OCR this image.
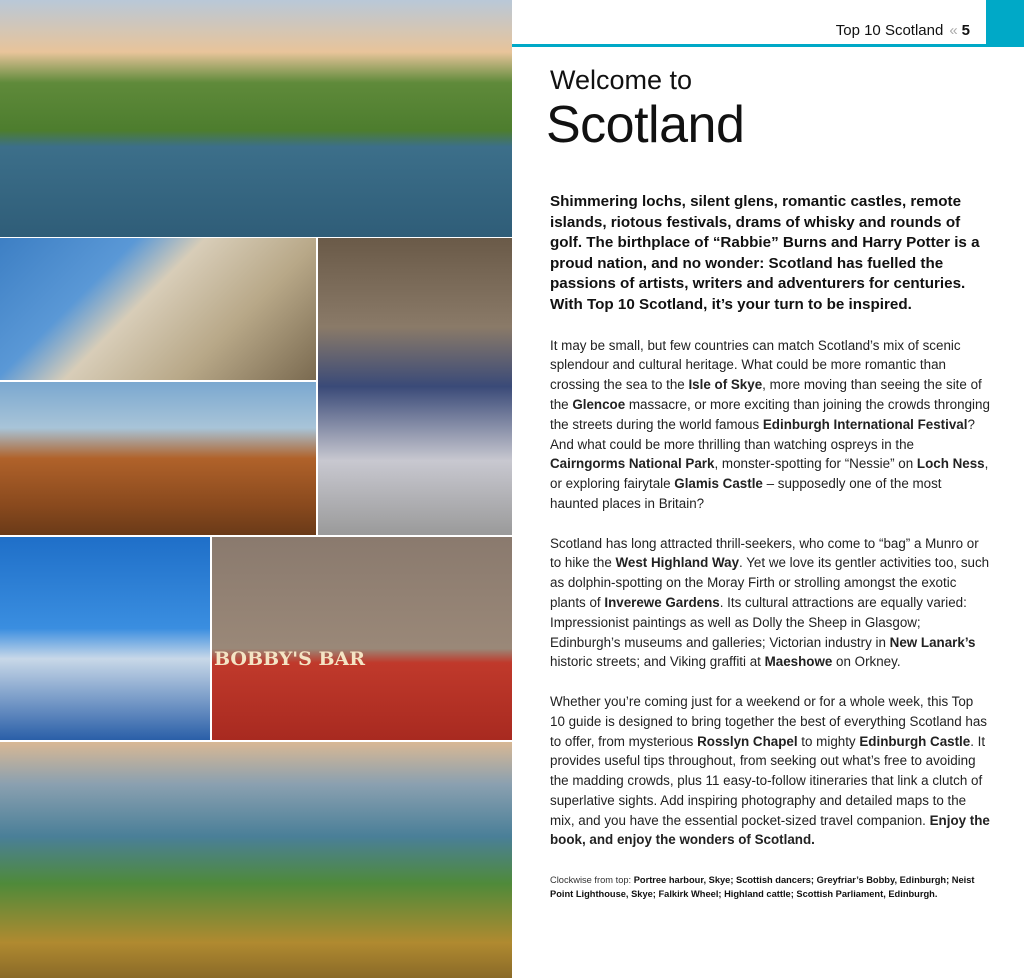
BOBBY'S BAR
Top 10 Scotland « 5
Welcome to
Scotland
Shimmering lochs, silent glens, romantic castles, remote islands, riotous festivals, drams of whisky and rounds of golf. The birthplace of “Rabbie” Burns and Harry Potter is a proud nation, and no wonder: Scotland has fuelled the passions of artists, writers and adventurers for centuries. With Top 10 Scotland, it’s your turn to be inspired.

It may be small, but few countries can match Scotland’s mix of scenic splendour and cultural heritage. What could be more romantic than crossing the sea to the Isle of Skye, more moving than seeing the site of the Glencoe massacre, or more exciting than joining the crowds thronging the streets during the world famous Edinburgh International Festival? And what could be more thrilling than watching ospreys in the Cairngorms National Park, monster-spotting for “Nessie” on Loch Ness, or exploring fairytale Glamis Castle – supposedly one of the most haunted places in Britain?

Scotland has long attracted thrill-seekers, who come to “bag” a Munro or to hike the West Highland Way. Yet we love its gentler activities too, such as dolphin-spotting on the Moray Firth or strolling amongst the exotic plants of Inverewe Gardens. Its cultural attractions are equally varied: Impressionist paintings as well as Dolly the Sheep in Glasgow; Edinburgh’s museums and galleries; Victorian industry in New Lanark’s historic streets; and Viking graffiti at Maeshowe on Orkney.

Whether you’re coming just for a weekend or for a whole week, this Top 10 guide is designed to bring together the best of everything Scotland has to offer, from mysterious Rosslyn Chapel to mighty Edinburgh Castle. It provides useful tips throughout, from seeking out what’s free to avoiding the madding crowds, plus 11 easy-to-follow itineraries that link a clutch of superlative sights. Add inspiring photography and detailed maps to the mix, and you have the essential pocket-sized travel companion. Enjoy the book, and enjoy the wonders of Scotland.

Clockwise from top: Portree harbour, Skye; Scottish dancers; Greyfriar’s Bobby, Edinburgh; Neist Point Lighthouse, Skye; Falkirk Wheel; Highland cattle; Scottish Parliament, Edinburgh.
